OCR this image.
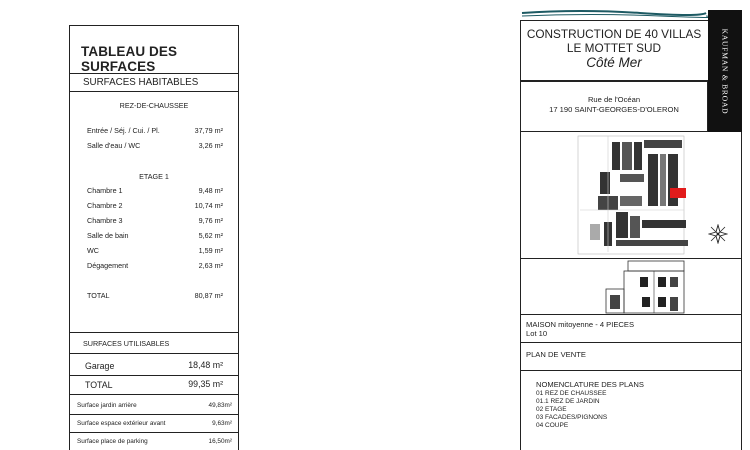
TABLEAU DES SURFACES
SURFACES HABITABLES
REZ-DE-CHAUSSEE
Entrée / Séj. / Cui. / Pl.	37,79 m²
Salle d'eau / WC	3,26 m²
ETAGE 1
Chambre 1	9,48 m²
Chambre 2	10,74 m²
Chambre 3	9,76 m²
Salle de bain	5,62 m²
WC	1,59 m²
Dégagement	2,63 m²
TOTAL	80,87 m²
SURFACES UTILISABLES
Garage	18,48 m²
TOTAL	99,35 m²
Surface jardin arrière	49,83m²
Surface espace extérieur avant	9,63m²
Surface place de parking	16,50m²
CONSTRUCTION DE 40 VILLAS
LE MOTTET SUD
Côté Mer	KAUFMAN & BROAD
Rue de l'Océan
17 190 SAINT-GEORGES-D'OLERON
MAISON mitoyenne - 4 PIECES
Lot 10
PLAN DE VENTE
NOMENCLATURE DES PLANS
01 REZ DE CHAUSSEE
01.1 REZ DE JARDIN
02 ETAGE
03 FACADES/PIGNONS
04 COUPE
